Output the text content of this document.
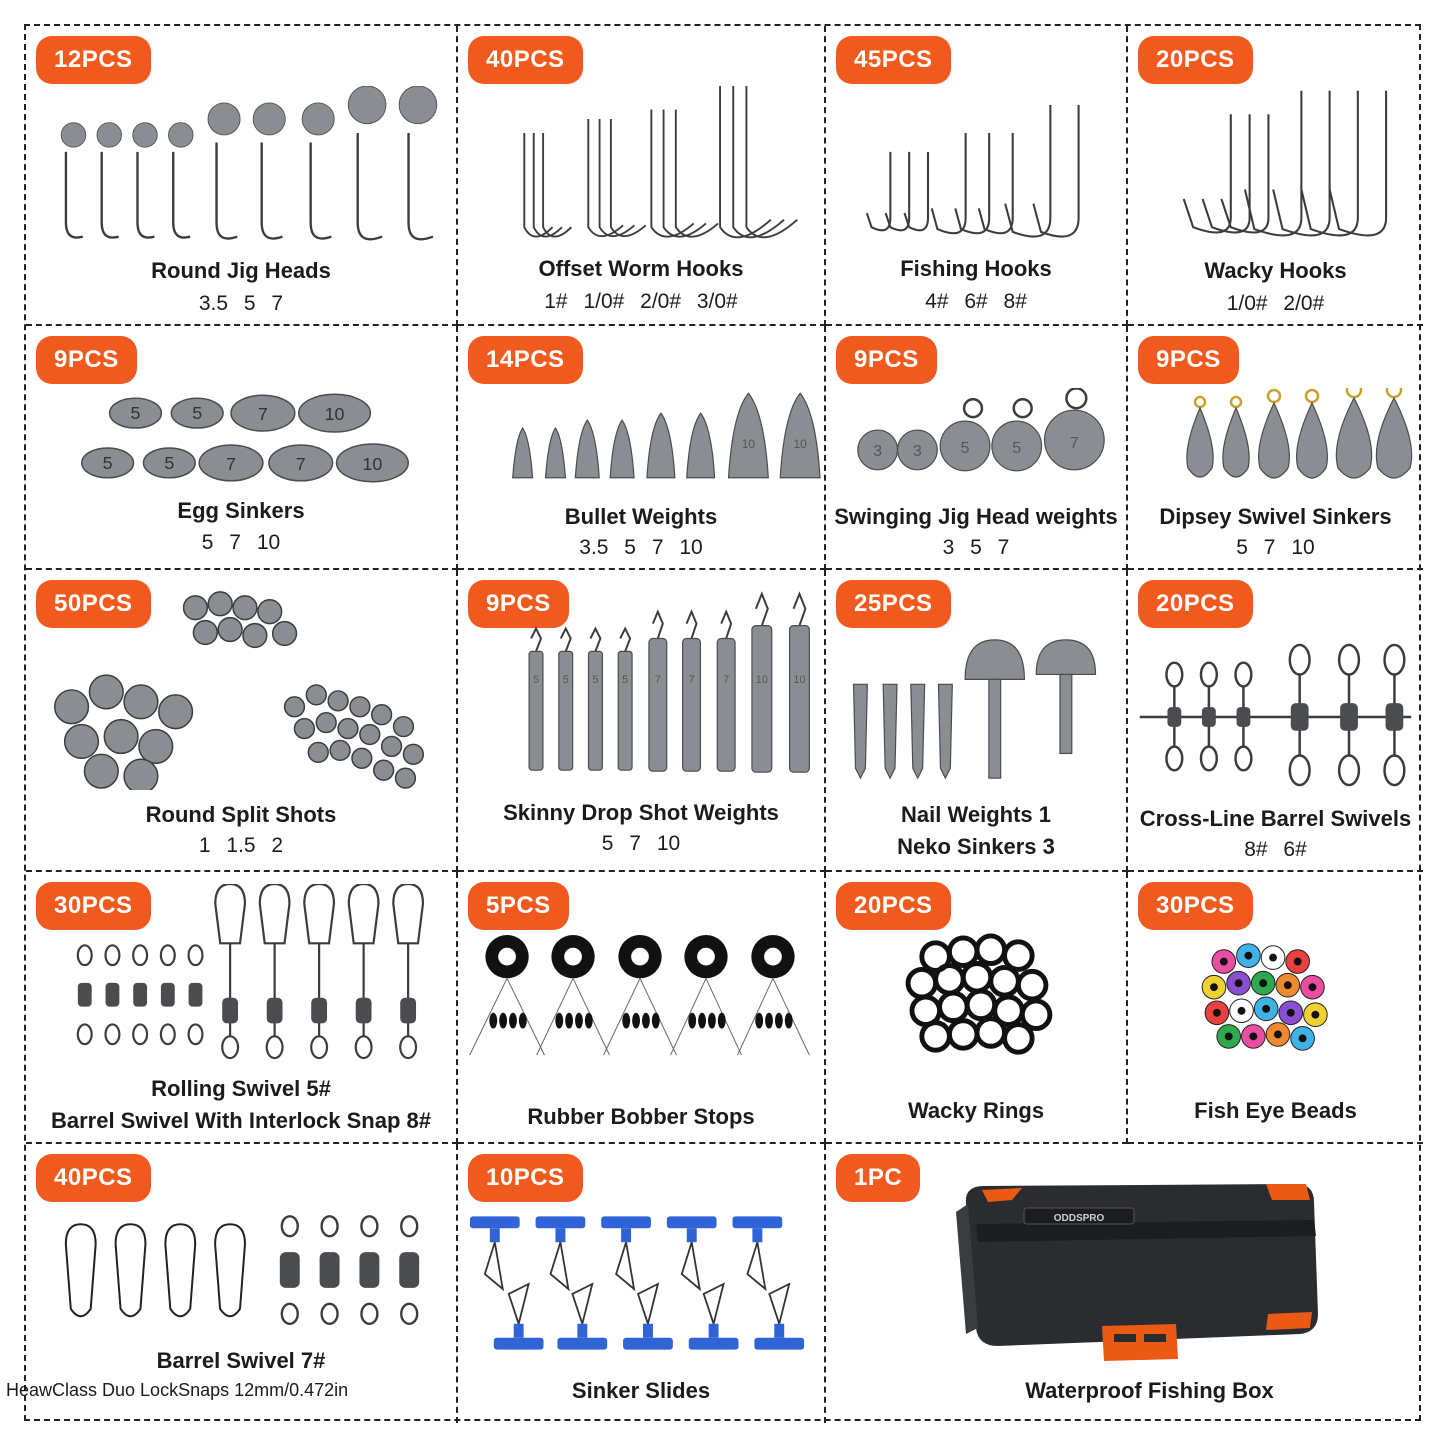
12PCS
Round Jig Heads
3.5 5 7
40PCS
Offset Worm Hooks
1# 1/0# 2/0# 3/0#
45PCS
Fishing Hooks
4# 6# 8#
20PCS
Wacky Hooks
1/0# 2/0#
9PCS
5	5	7	10
5	5	7	7	10
Egg Sinkers
5 7 10
14PCS
10	10
Bullet Weights
3.5 5 7 10
9PCS
3 3 5	5	7
Swinging Jig Head weights
3 5 7
9PCS
Dipsey Swivel Sinkers
5 7 10
50PCS
Round Split Shots
1 1.5 2
9PCS
5 5 5 5 7	7	7 10 10
Skinny Drop Shot Weights
5 7 10
25PCS
Nail Weights 1
Neko Sinkers 3
20PCS
Cross-Line Barrel Swivels
8# 6#
30PCS
Rolling Swivel 5#
Barrel Swivel With Interlock Snap 8#
5PCS
Rubber Bobber Stops
20PCS
Wacky Rings
30PCS
Fish Eye Beads
40PCS
Barrel Swivel 7#
HeawClass Duo LockSnaps 12mm/0.472in
10PCS
Sinker Slides
1PC
ODDSPRO
Waterproof Fishing Box
